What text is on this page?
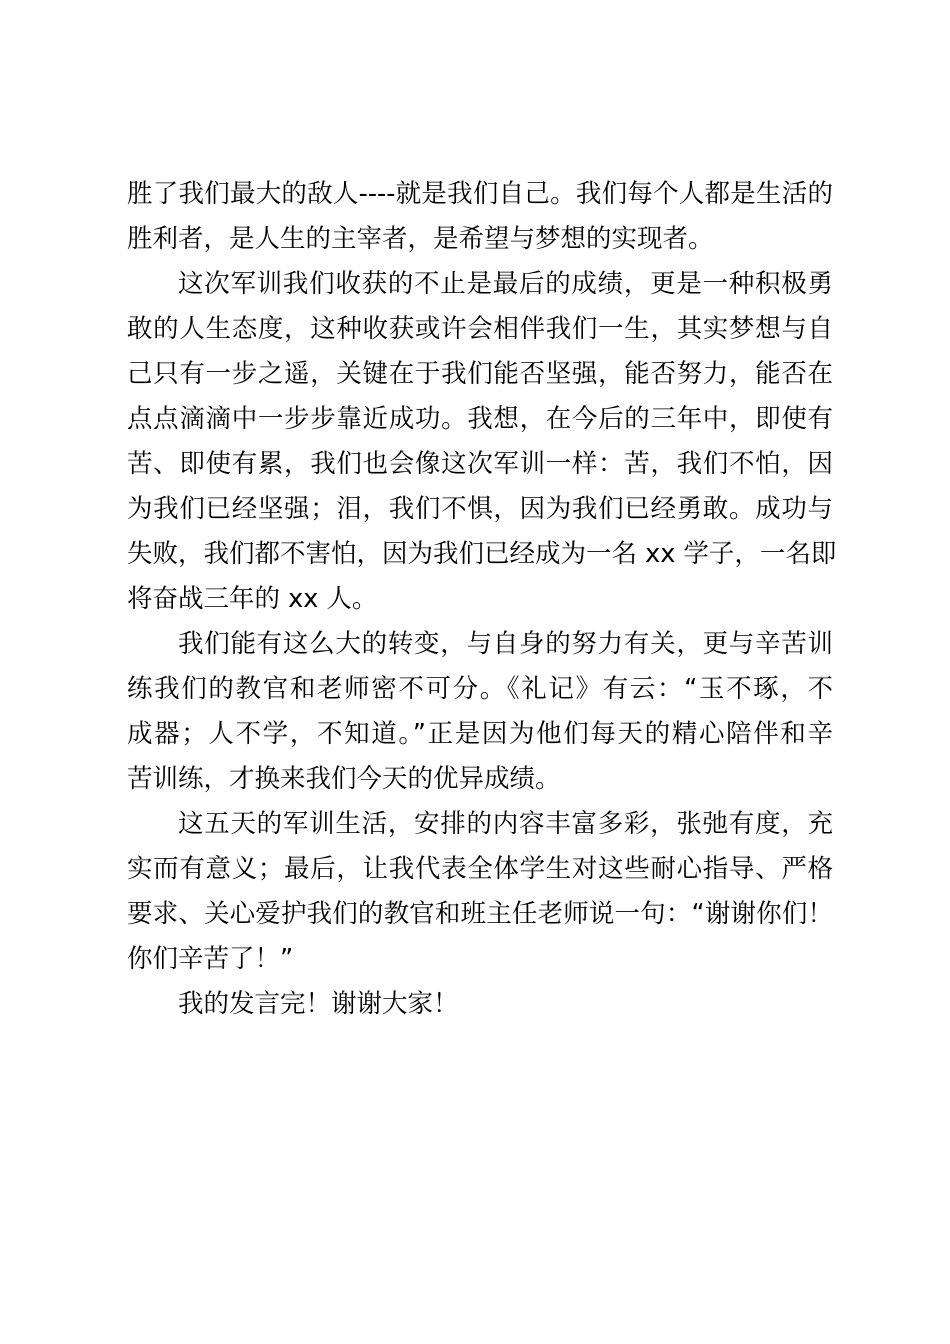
胜了我们最大的敌人----就是我们自己。我们每个人都是生活的
胜利者，是人生的主宰者，是希望与梦想的实现者。
这次军训我们收获的不止是最后的成绩，更是一种积极勇
敢的人生态度，这种收获或许会相伴我们一生，其实梦想与自
己只有一步之遥，关键在于我们能否坚强，能否努力，能否在
点点滴滴中一步步靠近成功。我想，在今后的三年中，即使有
苦、即使有累，我们也会像这次军训一样：苦，我们不怕，因
为我们已经坚强；泪，我们不惧，因为我们已经勇敢。成功与
失败，我们都不害怕，因为我们已经成为一名 xx 学子，一名即
将奋战三年的 xx 人。
我们能有这么大的转变，与自身的努力有关，更与辛苦训
练我们的教官和老师密不可分。《礼记》有云：“玉不琢，不
成器；人不学，不知道。”正是因为他们每天的精心陪伴和辛
苦训练，才换来我们今天的优异成绩。
这五天的军训生活，安排的内容丰富多彩，张弛有度，充
实而有意义；最后，让我代表全体学生对这些耐心指导、严格
要求、关心爱护我们的教官和班主任老师说一句：“谢谢你们！
你们辛苦了！”
我的发言完！谢谢大家！
